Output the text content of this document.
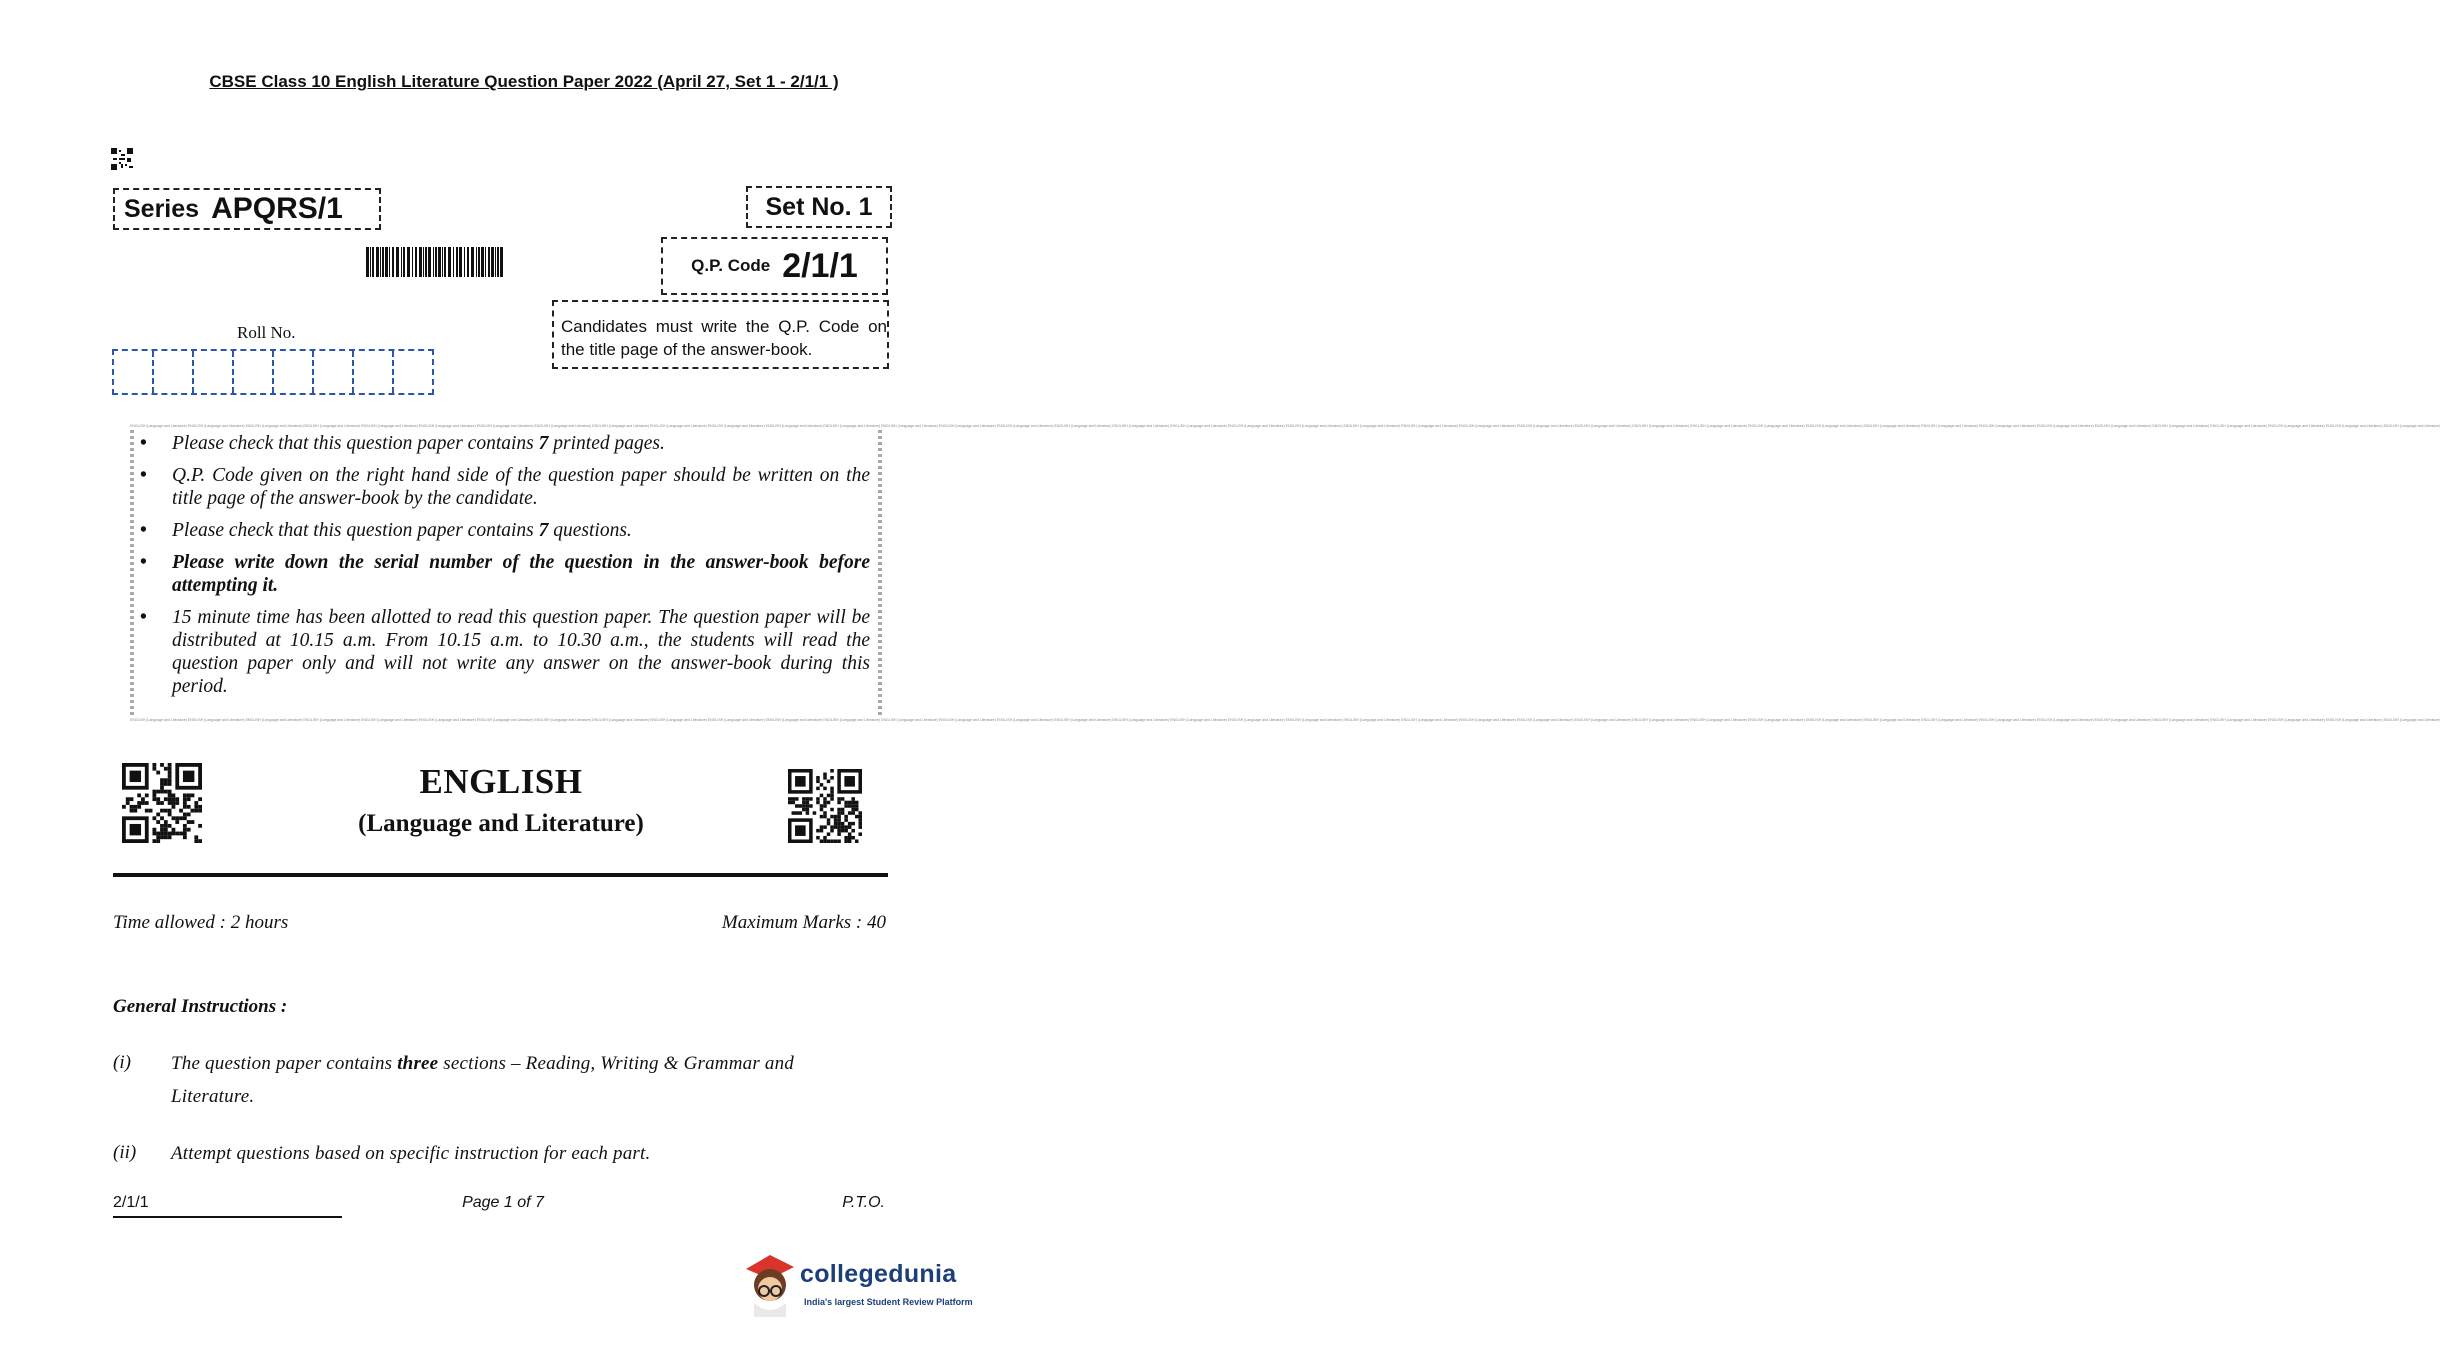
CBSE Class 10 English Literature Question Paper 2022 (April 27, Set 1 - 2/1/1 )
Series APQRS/1	Set No. 1
Q.P. Code 2/1/1
Candidates must write the Q.P. Code on the title page of the answer-book.
Roll No.
ENGLISH (Language and Literature) ENGLISH (Language and Literature) ENGLISH (Language and Literature) ENGLISH (Language and Literature) ENGLISH (Language and Literature) ENGLISH (Language and Literature) ENGLISH (Language and Literature) ENGLISH (Language and Literature) ENGLISH (Language and Literature) ENGLISH (Language and Literature) ENGLISH (Language and Literature) ENGLISH (Language and Literature) ENGLISH (Language and Literature) ENGLISH (Language and Literature) ENGLISH (Language and Literature) ENGLISH (Language and Literature) ENGLISH (Language and Literature) ENGLISH (Language and Literature) ENGLISH (Language and Literature) ENGLISH (Language and Literature) ENGLISH (Language and Literature) ENGLISH (Language and Literature) ENGLISH (Language and Literature) ENGLISH (Language and Literature) ENGLISH (Language and Literature) ENGLISH (Language and Literature) ENGLISH (Language and Literature) ENGLISH (Language and Literature) ENGLISH (Language and Literature) ENGLISH (Language and Literature) ENGLISH (Language and Literature) ENGLISH (Language and Literature) ENGLISH (Language and Literature) ENGLISH (Language and Literature) ENGLISH (Language and Literature) ENGLISH (Language and Literature) ENGLISH (Language and Literature) ENGLISH (Language and Literature) ENGLISH (Language and Literature) ENGLISH (Language and Literature)
ENGLISH (Language and Literature) ENGLISH (Language and Literature) ENGLISH (Language and Literature) ENGLISH (Language and Literature) ENGLISH (Language and Literature) ENGLISH (Language and Literature) ENGLISH (Language and Literature) ENGLISH (Language and Literature) ENGLISH (Language and Literature) ENGLISH (Language and Literature) ENGLISH (Language and Literature) ENGLISH (Language and Literature) ENGLISH (Language and Literature) ENGLISH (Language and Literature) ENGLISH (Language and Literature) ENGLISH (Language and Literature) ENGLISH (Language and Literature) ENGLISH (Language and Literature) ENGLISH (Language and Literature) ENGLISH (Language and Literature) ENGLISH (Language and Literature) ENGLISH (Language and Literature) ENGLISH (Language and Literature) ENGLISH (Language and Literature) ENGLISH (Language and Literature) ENGLISH (Language and Literature) ENGLISH (Language and Literature) ENGLISH (Language and Literature) ENGLISH (Language and Literature) ENGLISH (Language and Literature) ENGLISH (Language and Literature) ENGLISH (Language and Literature) ENGLISH (Language and Literature) ENGLISH (Language and Literature) ENGLISH (Language and Literature) ENGLISH (Language and Literature) ENGLISH (Language and Literature) ENGLISH (Language and Literature) ENGLISH (Language and Literature) ENGLISH (Language and Literature)
• Please check that this question paper contains 7 printed pages.
• Q.P. Code given on the right hand side of the question paper should be written on the title page of the answer-book by the candidate.
• Please check that this question paper contains 7 questions.
• Please write down the serial number of the question in the answer-book before attempting it.
• 15 minute time has been allotted to read this question paper. The question paper will be distributed at 10.15 a.m. From 10.15 a.m. to 10.30 a.m., the students will read the question paper only and will not write any answer on the answer-book during this period.
ENGLISH
(Language and Literature)
Time allowed : 2 hours	Maximum Marks : 40
General Instructions :
(i) The question paper contains three sections – Reading, Writing & Grammar and Literature.
(ii) Attempt questions based on specific instruction for each part.
2/1/1	Page 1 of 7	P.T.O.
collegedunia
India's largest Student Review Platform
